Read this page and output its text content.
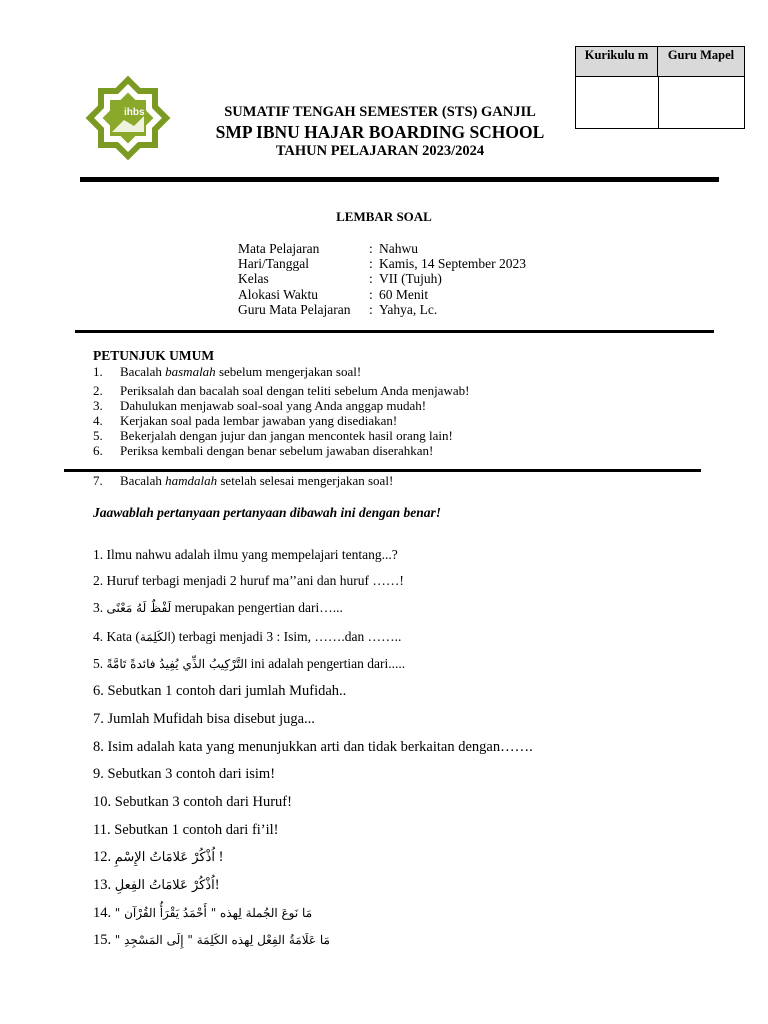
ihbs	SUMATIF TENGAH SEMESTER (STS) GANJIL
SMP IBNU HAJAR BOARDING SCHOOL
TAHUN PELAJARAN 2023/2024
Kurikulu m	Guru Mapel
LEMBAR SOAL
Mata Pelajaran	: Nahwu
Hari/Tanggal	: Kamis, 14 September 2023
Kelas	: VII (Tujuh)
Alokasi Waktu	: 60 Menit
Guru Mata Pelajaran	: Yahya, Lc.
PETUNJUK UMUM
1.	Bacalah basmalah sebelum mengerjakan soal!
2.	Periksalah dan bacalah soal dengan teliti sebelum Anda menjawab!
3.	Dahulukan menjawab soal-soal yang Anda anggap mudah!
4.	Kerjakan soal pada lembar jawaban yang disediakan!
5.	Bekerjalah dengan jujur dan jangan mencontek hasil orang lain!
6.	Periksa kembali dengan benar sebelum jawaban diserahkan!
7.	Bacalah hamdalah setelah selesai mengerjakan soal!
Jaawablah pertanyaan pertanyaan dibawah ini dengan benar!
1. Ilmu nahwu adalah ilmu yang mempelajari tentang...?
2. Huruf terbagi menjadi 2 huruf ma’’ani dan huruf ……!
3. لَفْظٌ لَهُ مَعْنًى merupakan pengertian dari…...
4. Kata (الكَلِمَة) terbagi menjadi 3 : Isim, …….dan ……..
5. التَّرْكِيبُ الذِّي يُفِيدُ فائدةً تَامَّةً ini adalah pengertian dari.....
6. Sebutkan 1 contoh dari jumlah Mufidah..
7. Jumlah Mufidah bisa disebut juga...
8. Isim adalah kata yang menunjukkan arti dan tidak berkaitan dengan…….
9. Sebutkan 3 contoh dari isim!
10. Sebutkan 3 contoh dari Huruf!
11. Sebutkan 1 contoh dari fi’il!
12. اُذْكُرْ عَلامَاتُ الإِسْمِ !
13. اُذْكُرْ عَلامَاتُ الفِعلِ!
14. مَا نَوعَ الجُملة لِهذه " أَحْمَدُ يَقْرَأُ القُرْآن "
15. مَا عَلَامَةُ الفِعْل لِهذه الكَلِمَة " إِلَى المَسْجِدِ "
